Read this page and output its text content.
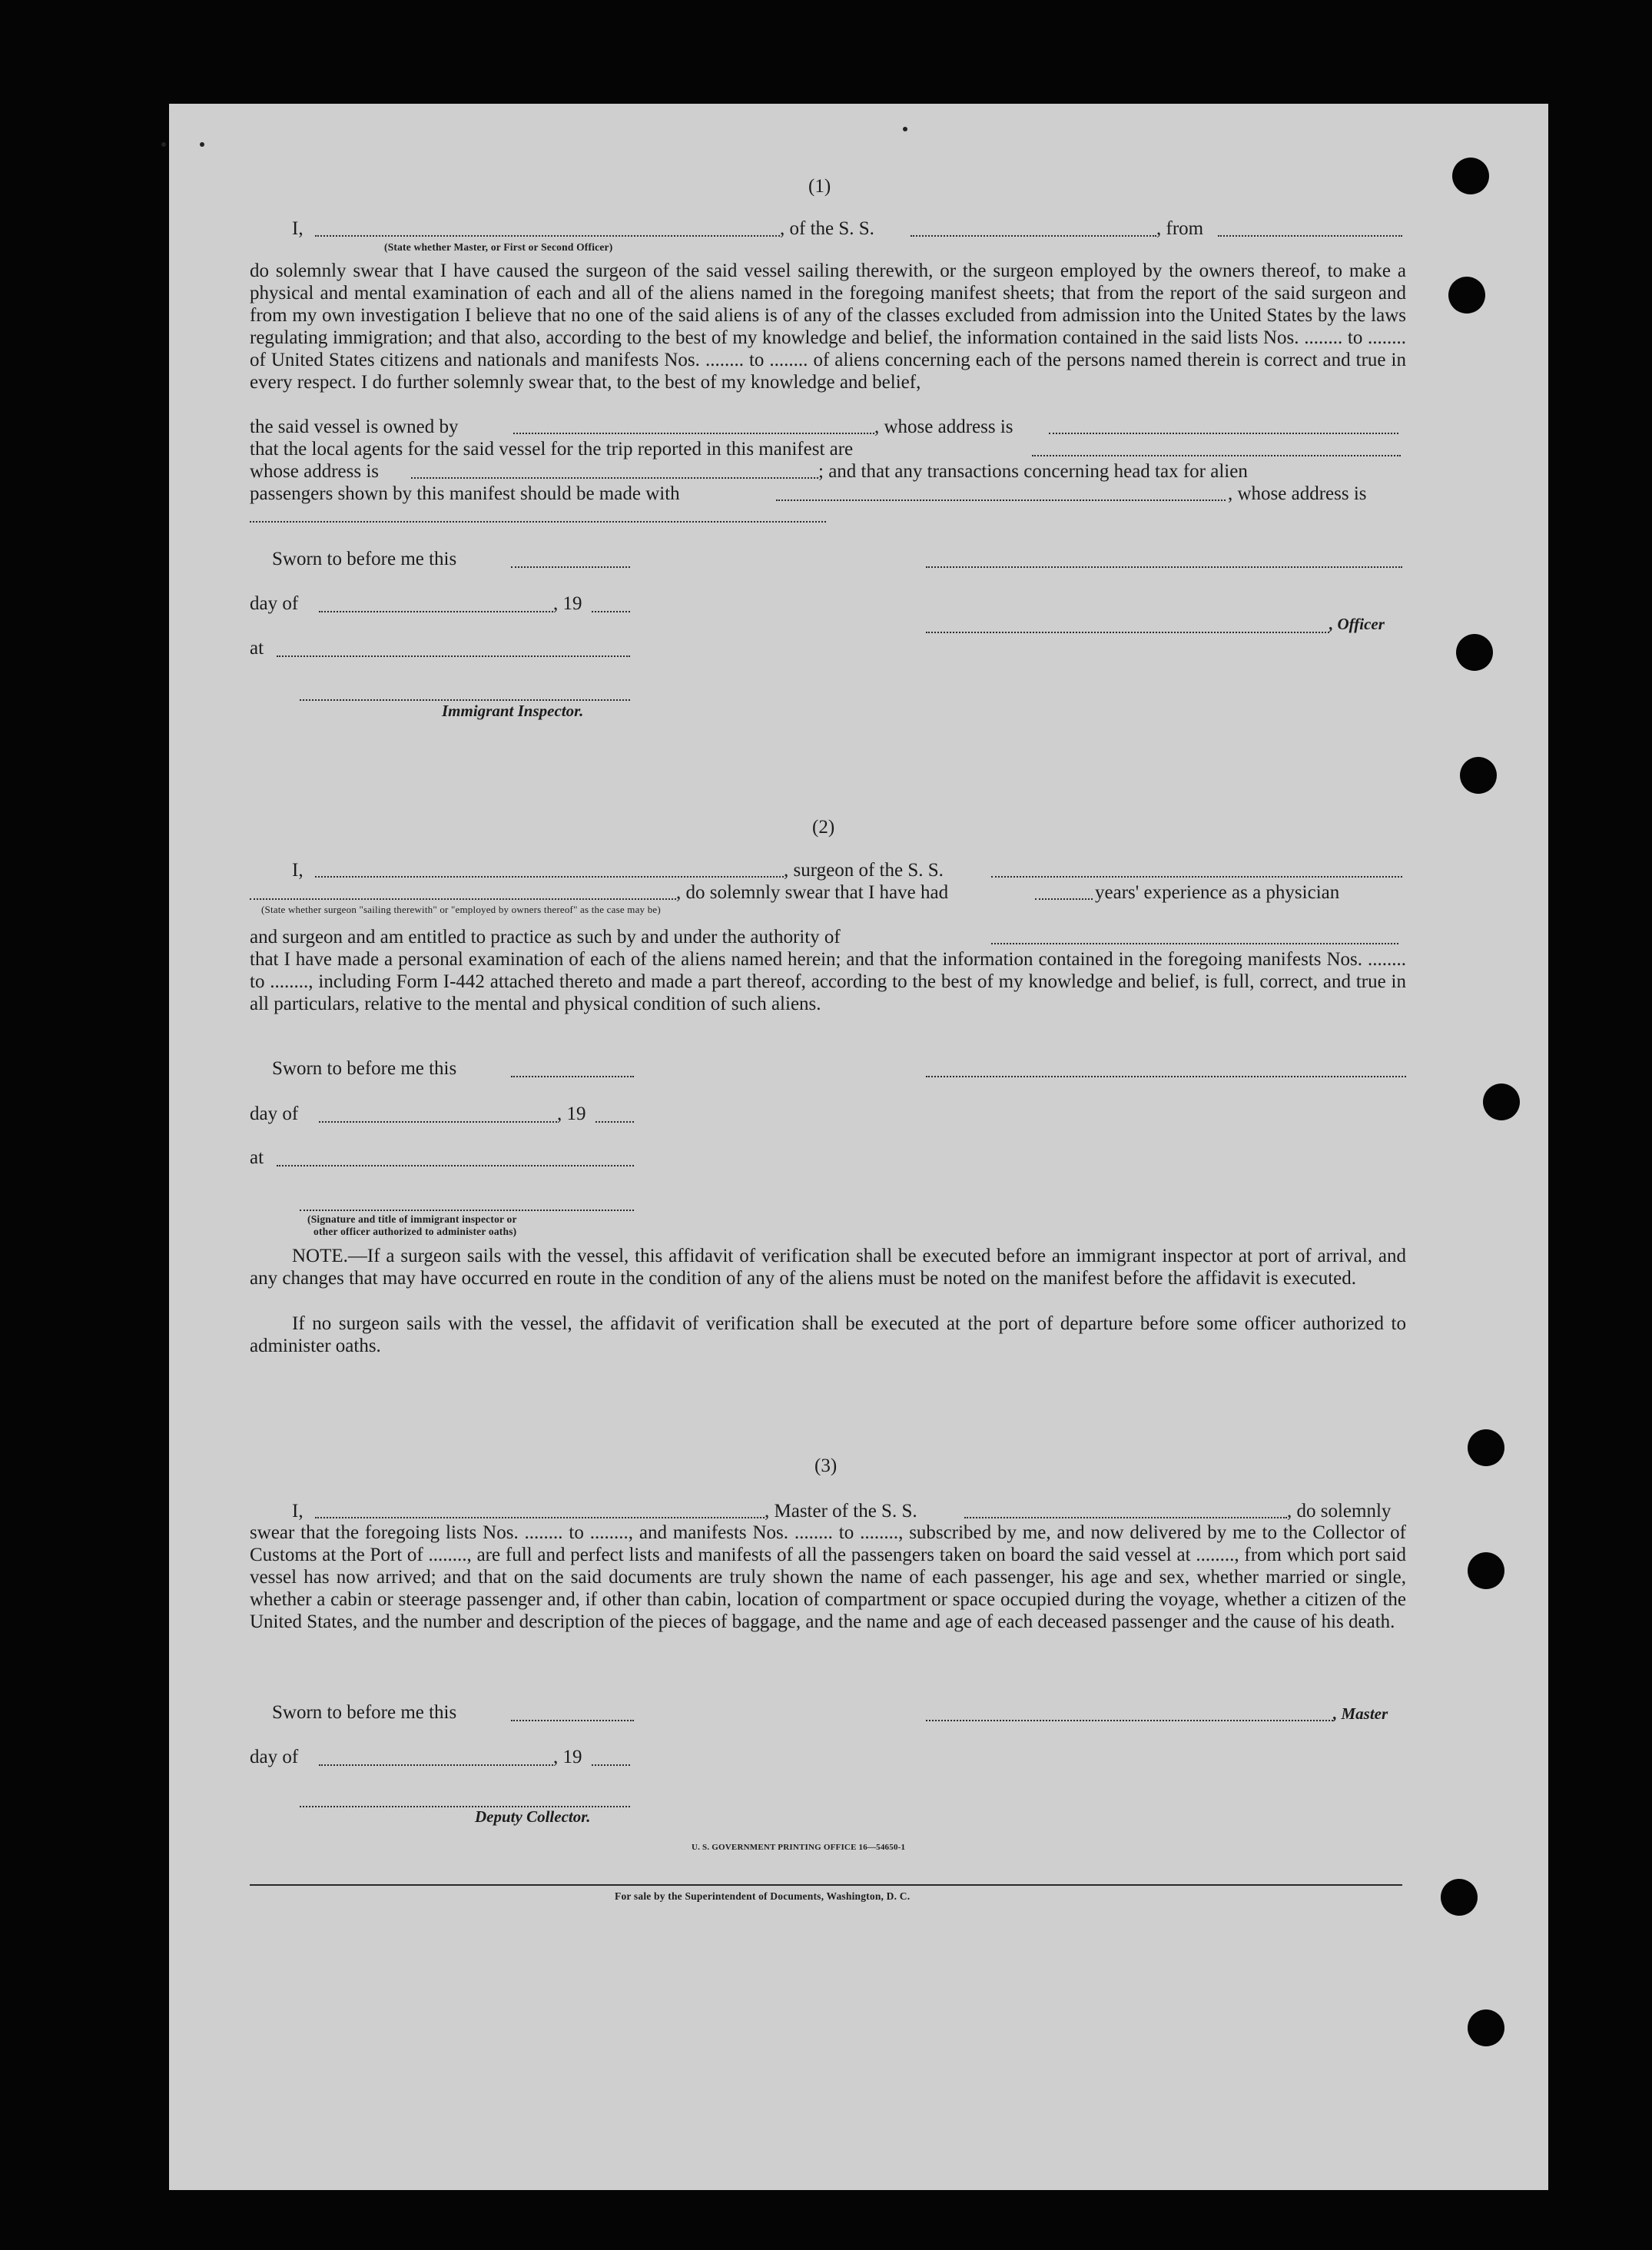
(1)
I,	, of the S. S.	, from
(State whether Master, or First or Second Officer)
do solemnly swear that I have caused the surgeon of the said vessel sailing therewith, or the surgeon employed by the owners thereof, to make a physical and mental examination of each and all of the aliens named in the foregoing manifest sheets; that from the report of the said surgeon and from my own investigation I believe that no one of the said aliens is of any of the classes excluded from admission into the United States by the laws regulating immigration; and that also, according to the best of my knowledge and belief, the information contained in the said lists Nos. ........ to ........ of United States citizens and nationals and manifests Nos. ........ to ........ of aliens concerning each of the persons named therein is correct and true in every respect. I do further solemnly swear that, to the best of my knowledge and belief,
the said vessel is owned by	, whose address is
that the local agents for the said vessel for the trip reported in this manifest are
whose address is	; and that any transactions concerning head tax for alien
passengers shown by this manifest should be made with	, whose address is
Sworn to before me this
day of	, 19
, Officer
at
Immigrant Inspector.
(2)
I,	, surgeon of the S. S.
, do solemnly swear that I have had	years' experience as a physician
(State whether surgeon "sailing therewith" or "employed by owners thereof" as the case may be)
and surgeon and am entitled to practice as such by and under the authority of
that I have made a personal examination of each of the aliens named herein; and that the information contained in the foregoing manifests Nos. ........ to ........, including Form I-442 attached thereto and made a part thereof, according to the best of my knowledge and belief, is full, correct, and true in all particulars, relative to the mental and physical condition of such aliens.
Sworn to before me this
day of	, 19
at
(Signature and title of immigrant inspector or
other officer authorized to administer oaths)
NOTE.—If a surgeon sails with the vessel, this affidavit of verification shall be executed before an immigrant inspector at port of arrival, and any changes that may have occurred en route in the condition of any of the aliens must be noted on the manifest before the affidavit is executed.
If no surgeon sails with the vessel, the affidavit of verification shall be executed at the port of departure before some officer authorized to administer oaths.
(3)
I,	, Master of the S. S.	, do solemnly
swear that the foregoing lists Nos. ........ to ........, and manifests Nos. ........ to ........, subscribed by me, and now delivered by me to the Collector of Customs at the Port of ........, are full and perfect lists and manifests of all the passengers taken on board the said vessel at ........, from which port said vessel has now arrived; and that on the said documents are truly shown the name of each passenger, his age and sex, whether married or single, whether a cabin or steerage passenger and, if other than cabin, location of compartment or space occupied during the voyage, whether a citizen of the United States, and the number and description of the pieces of baggage, and the name and age of each deceased passenger and the cause of his death.
Sworn to before me this	, Master
day of	, 19
Deputy Collector.
U. S. GOVERNMENT PRINTING OFFICE 16—54650-1
For sale by the Superintendent of Documents, Washington, D. C.
